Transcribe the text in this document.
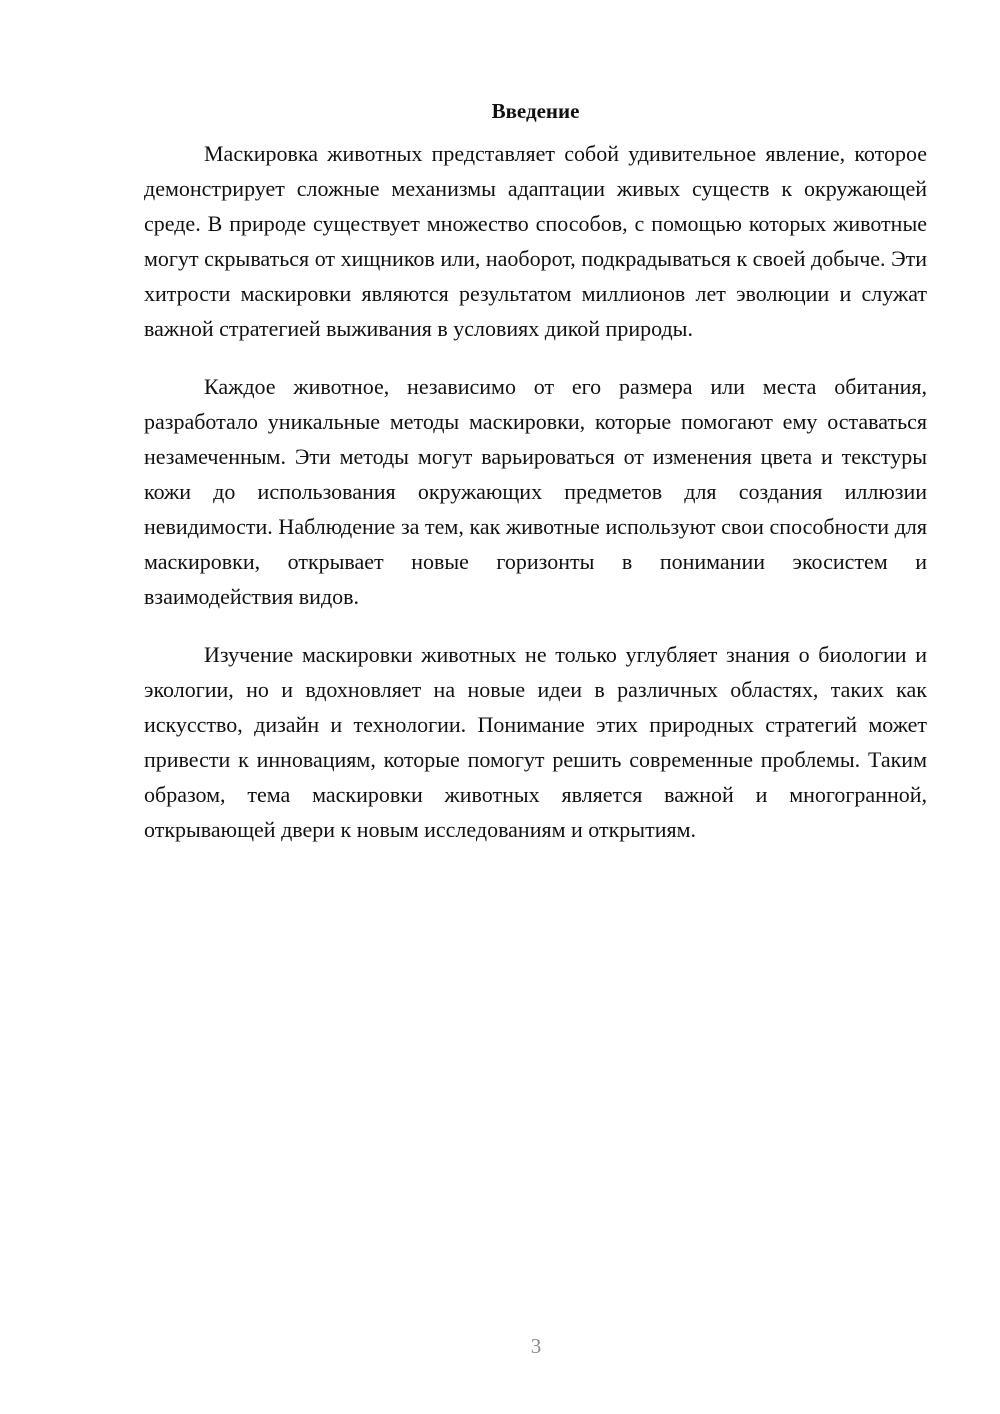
Введение

Маскировка животных представляет собой удивительное явление, которое демонстрирует сложные механизмы адаптации живых существ к окружающей среде. В природе существует множество способов, с помощью которых животные могут скрываться от хищников или, наоборот, подкрадываться к своей добыче. Эти хитрости маскировки являются результатом миллионов лет эволюции и служат важной стратегией выживания в условиях дикой природы.

Каждое животное, независимо от его размера или места обитания, разработало уникальные методы маскировки, которые помогают ему оставаться незамеченным. Эти методы могут варьироваться от изменения цвета и текстуры кожи до использования окружающих предметов для создания иллюзии невидимости. Наблюдение за тем, как животные используют свои способности для маскировки, открывает новые горизонты в понимании экосистем и взаимодействия видов.

Изучение маскировки животных не только углубляет знания о биологии и экологии, но и вдохновляет на новые идеи в различных областях, таких как искусство, дизайн и технологии. Понимание этих природных стратегий может привести к инновациям, которые помогут решить современные проблемы. Таким образом, тема маскировки животных является важной и многогранной, открывающей двери к новым исследованиям и открытиям.

3
